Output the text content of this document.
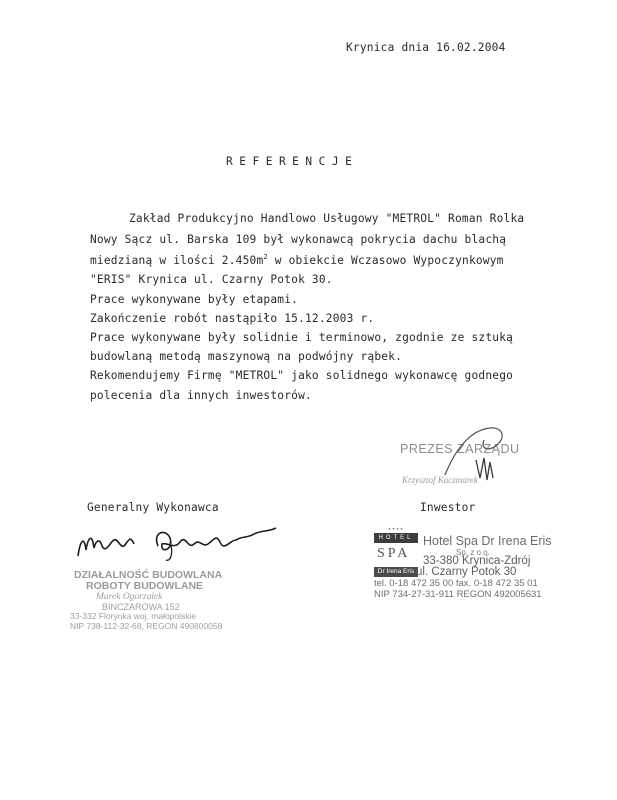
Krynica dnia 16.02.2004
REFERENCJE
Zakład Produkcyjno Handlowo Usługowy "METROL" Roman Rolka
Nowy Sącz ul. Barska 109 był wykonawcą pokrycia dachu blachą
miedzianą w ilości $2.450m^2$ w obiekcie Wczasowo Wypoczynkowym
"ERIS" Krynica ul. Czarny Potok 30.
Prace wykonywane były etapami.
Zakończenie robót nastąpiło 15.12.2003 r.
Prace wykonywane były solidnie i terminowo, zgodnie ze sztuką
budowlaną metodą maszynową na podwójny rąbek.
Rekomendujemy Firmę "METROL" jako solidnego wykonawcę godnego
polecenia dla innych inwestorów.
PREZES ZARZĄDU
Krzysztof Kaczmarek
Generalny Wykonawca	Inwestor
DZIAŁALNOŚĆ BUDOWLANA
ROBOTY BUDOWLANE
Marek Ogorzałek
BINCZAROWA 152
33-332 Florynka woj. małopolskie
NIP 738-112-32-68, REGON 490800058
★★★★
HOTEL
SPA
Dr Irena Eris
Hotel Spa Dr Irena Eris
Sp. z o.o.
33-380 Krynica-Zdrój
ul. Czarny Potok 30
tel. 0-18 472 35 00 fax. 0-18 472 35 01
NIP 734-27-31-911 REGON 492005631
